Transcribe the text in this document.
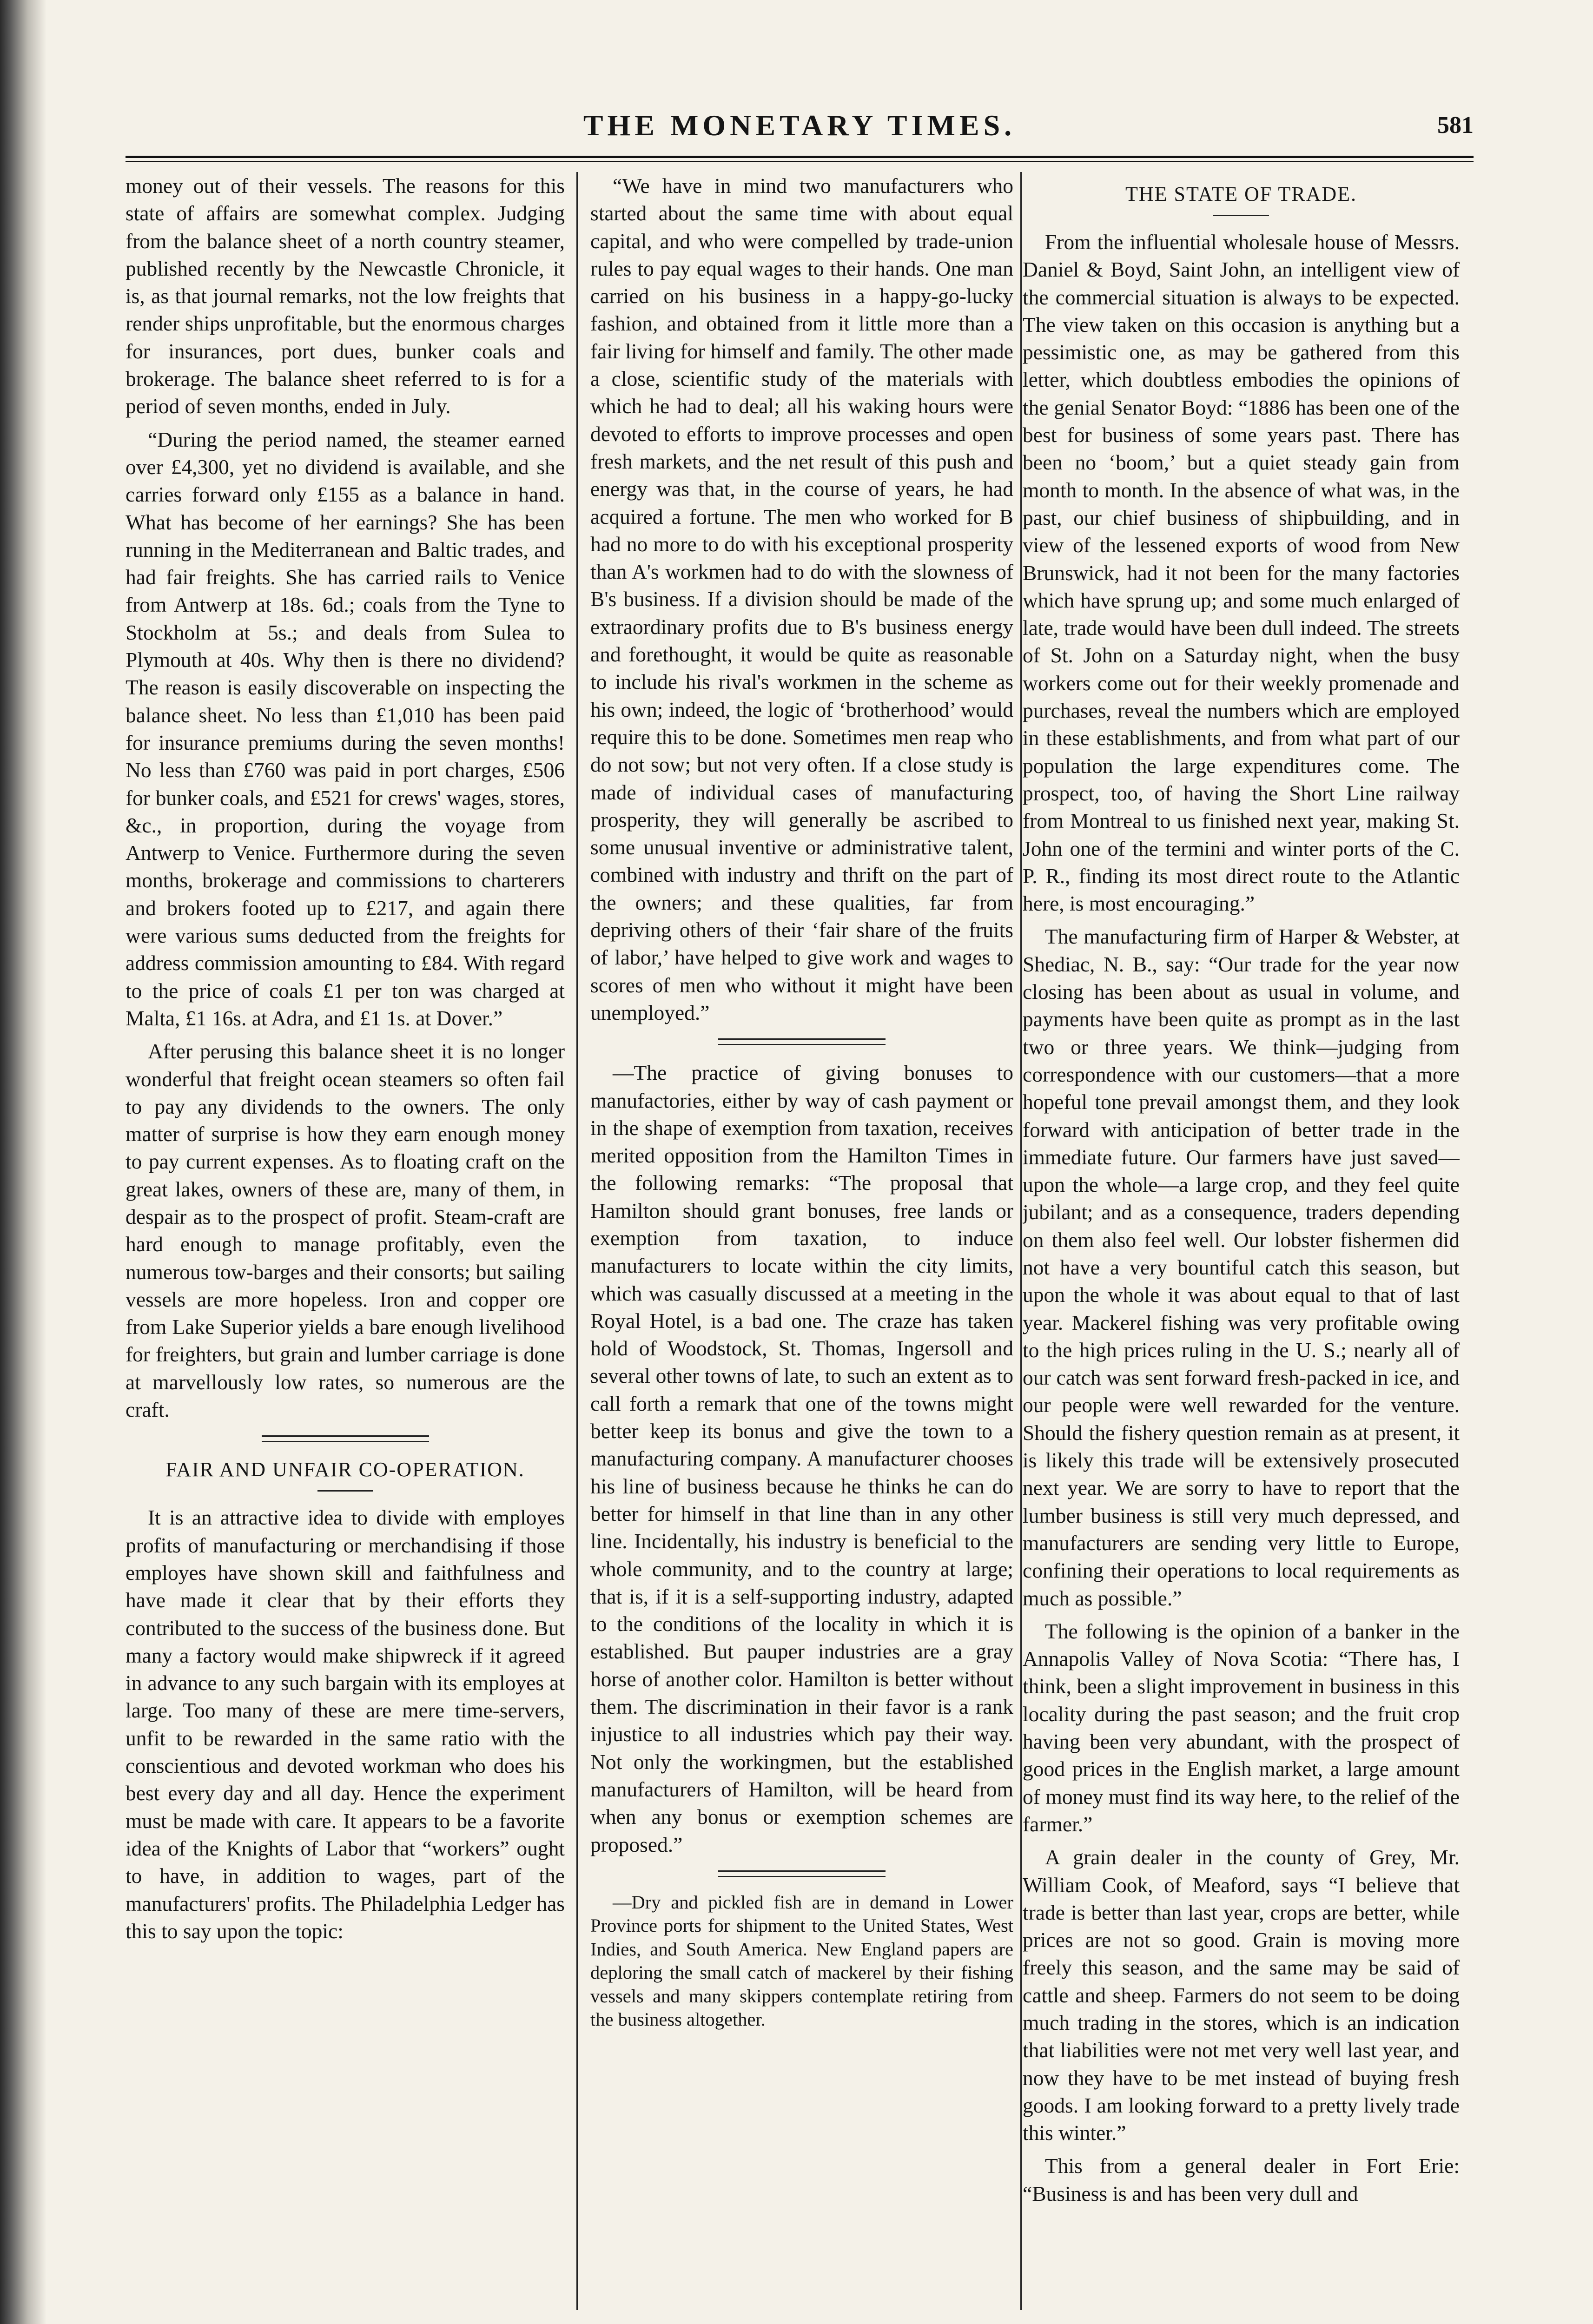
THE MONETARY TIMES.	581

money out of their vessels. The reasons for this state of affairs are somewhat complex. Judging from the balance sheet of a north country steamer, published recently by the Newcastle Chronicle, it is, as that journal remarks, not the low freights that render ships unprofitable, but the enormous charges for insurances, port dues, bunker coals and brokerage. The balance sheet referred to is for a period of seven months, ended in July.

“During the period named, the steamer earned over £4,300, yet no dividend is available, and she carries forward only £155 as a balance in hand. What has become of her earnings? She has been running in the Mediterranean and Baltic trades, and had fair freights. She has carried rails to Venice from Antwerp at 18s. 6d.; coals from the Tyne to Stockholm at 5s.; and deals from Sulea to Plymouth at 40s. Why then is there no dividend? The reason is easily discoverable on inspecting the balance sheet. No less than £1,010 has been paid for insurance premiums during the seven months! No less than £760 was paid in port charges, £506 for bunker coals, and £521 for crews' wages, stores, &c., in proportion, during the voyage from Antwerp to Venice. Furthermore during the seven months, brokerage and commissions to charterers and brokers footed up to £217, and again there were various sums deducted from the freights for address commission amounting to £84. With regard to the price of coals £1 per ton was charged at Malta, £1 16s. at Adra, and £1 1s. at Dover.”

After perusing this balance sheet it is no longer wonderful that freight ocean steamers so often fail to pay any dividends to the owners. The only matter of surprise is how they earn enough money to pay current expenses. As to floating craft on the great lakes, owners of these are, many of them, in despair as to the prospect of profit. Steam-craft are hard enough to manage profitably, even the numerous tow-barges and their consorts; but sailing vessels are more hopeless. Iron and copper ore from Lake Superior yields a bare enough livelihood for freighters, but grain and lumber carriage is done at marvellously low rates, so numerous are the craft.

FAIR AND UNFAIR CO-OPERATION.

It is an attractive idea to divide with employes profits of manufacturing or merchandising if those employes have shown skill and faithfulness and have made it clear that by their efforts they contributed to the success of the business done. But many a factory would make shipwreck if it agreed in advance to any such bargain with its employes at large. Too many of these are mere time-servers, unfit to be rewarded in the same ratio with the conscientious and devoted workman who does his best every day and all day. Hence the experiment must be made with care. It appears to be a favorite idea of the Knights of Labor that “workers” ought to have, in addition to wages, part of the manufacturers' profits. The Philadelphia Ledger has this to say upon the topic:

“We have in mind two manufacturers who started about the same time with about equal capital, and who were compelled by trade-union rules to pay equal wages to their hands. One man carried on his business in a happy-go-lucky fashion, and obtained from it little more than a fair living for himself and family. The other made a close, scientific study of the materials with which he had to deal; all his waking hours were devoted to efforts to improve processes and open fresh markets, and the net result of this push and energy was that, in the course of years, he had acquired a fortune. The men who worked for B had no more to do with his exceptional prosperity than A's workmen had to do with the slowness of B's business. If a division should be made of the extraordinary profits due to B's business energy and forethought, it would be quite as reasonable to include his rival's workmen in the scheme as his own; indeed, the logic of ‘brotherhood’ would require this to be done. Sometimes men reap who do not sow; but not very often. If a close study is made of individual cases of manufacturing prosperity, they will generally be ascribed to some unusual inventive or administrative talent, combined with industry and thrift on the part of the owners; and these qualities, far from depriving others of their ‘fair share of the fruits of labor,’ have helped to give work and wages to scores of men who without it might have been unemployed.”

—The practice of giving bonuses to manufactories, either by way of cash payment or in the shape of exemption from taxation, receives merited opposition from the Hamilton Times in the following remarks: “The proposal that Hamilton should grant bonuses, free lands or exemption from taxation, to induce manufacturers to locate within the city limits, which was casually discussed at a meeting in the Royal Hotel, is a bad one. The craze has taken hold of Woodstock, St. Thomas, Ingersoll and several other towns of late, to such an extent as to call forth a remark that one of the towns might better keep its bonus and give the town to a manufacturing company. A manufacturer chooses his line of business because he thinks he can do better for himself in that line than in any other line. Incidentally, his industry is beneficial to the whole community, and to the country at large; that is, if it is a self-supporting industry, adapted to the conditions of the locality in which it is established. But pauper industries are a gray horse of another color. Hamilton is better without them. The discrimination in their favor is a rank injustice to all industries which pay their way. Not only the workingmen, but the established manufacturers of Hamilton, will be heard from when any bonus or exemption schemes are proposed.”

—Dry and pickled fish are in demand in Lower Province ports for shipment to the United States, West Indies, and South America. New England papers are deploring the small catch of mackerel by their fishing vessels and many skippers contemplate retiring from the business altogether.

THE STATE OF TRADE.

From the influential wholesale house of Messrs. Daniel & Boyd, Saint John, an intelligent view of the commercial situation is always to be expected. The view taken on this occasion is anything but a pessimistic one, as may be gathered from this letter, which doubtless embodies the opinions of the genial Senator Boyd: “1886 has been one of the best for business of some years past. There has been no ‘boom,’ but a quiet steady gain from month to month. In the absence of what was, in the past, our chief business of shipbuilding, and in view of the lessened exports of wood from New Brunswick, had it not been for the many factories which have sprung up; and some much enlarged of late, trade would have been dull indeed. The streets of St. John on a Saturday night, when the busy workers come out for their weekly promenade and purchases, reveal the numbers which are employed in these establishments, and from what part of our population the large expenditures come. The prospect, too, of having the Short Line railway from Montreal to us finished next year, making St. John one of the termini and winter ports of the C. P. R., finding its most direct route to the Atlantic here, is most encouraging.”

The manufacturing firm of Harper & Webster, at Shediac, N. B., say: “Our trade for the year now closing has been about as usual in volume, and payments have been quite as prompt as in the last two or three years. We think—judging from correspondence with our customers—that a more hopeful tone prevail amongst them, and they look forward with anticipation of better trade in the immediate future. Our farmers have just saved—upon the whole—a large crop, and they feel quite jubilant; and as a consequence, traders depending on them also feel well. Our lobster fishermen did not have a very bountiful catch this season, but upon the whole it was about equal to that of last year. Mackerel fishing was very profitable owing to the high prices ruling in the U. S.; nearly all of our catch was sent forward fresh-packed in ice, and our people were well rewarded for the venture. Should the fishery question remain as at present, it is likely this trade will be extensively prosecuted next year. We are sorry to have to report that the lumber business is still very much depressed, and manufacturers are sending very little to Europe, confining their operations to local requirements as much as possible.”

The following is the opinion of a banker in the Annapolis Valley of Nova Scotia: “There has, I think, been a slight improvement in business in this locality during the past season; and the fruit crop having been very abundant, with the prospect of good prices in the English market, a large amount of money must find its way here, to the relief of the farmer.”

A grain dealer in the county of Grey, Mr. William Cook, of Meaford, says “I believe that trade is better than last year, crops are better, while prices are not so good. Grain is moving more freely this season, and the same may be said of cattle and sheep. Farmers do not seem to be doing much trading in the stores, which is an indication that liabilities were not met very well last year, and now they have to be met instead of buying fresh goods. I am looking forward to a pretty lively trade this winter.”

This from a general dealer in Fort Erie: “Business is and has been very dull and
